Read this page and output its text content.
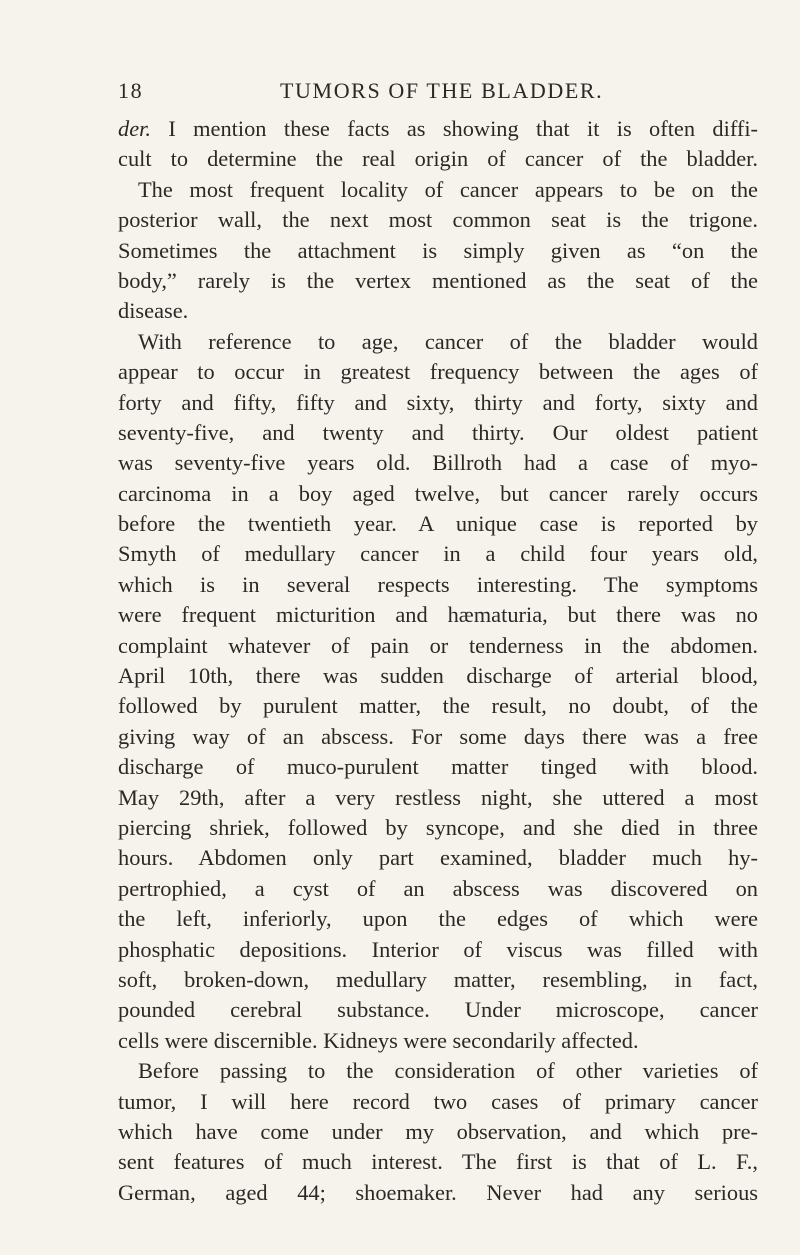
18	TUMORS OF THE BLADDER.
der. I mention these facts as showing that it is often diffi-
cult to determine the real origin of cancer of the bladder.
The most frequent locality of cancer appears to be on the
posterior wall, the next most common seat is the trigone.
Sometimes the attachment is simply given as “on the
body,” rarely is the vertex mentioned as the seat of the
disease.
With reference to age, cancer of the bladder would
appear to occur in greatest frequency between the ages of
forty and fifty, fifty and sixty, thirty and forty, sixty and
seventy-five, and twenty and thirty. Our oldest patient
was seventy-five years old. Billroth had a case of myo-
carcinoma in a boy aged twelve, but cancer rarely occurs
before the twentieth year. A unique case is reported by
Smyth of medullary cancer in a child four years old,
which is in several respects interesting. The symptoms
were frequent micturition and hæmaturia, but there was no
complaint whatever of pain or tenderness in the abdomen.
April 10th, there was sudden discharge of arterial blood,
followed by purulent matter, the result, no doubt, of the
giving way of an abscess. For some days there was a free
discharge of muco-purulent matter tinged with blood.
May 29th, after a very restless night, she uttered a most
piercing shriek, followed by syncope, and she died in three
hours. Abdomen only part examined, bladder much hy-
pertrophied, a cyst of an abscess was discovered on
the left, inferiorly, upon the edges of which were
phosphatic depositions. Interior of viscus was filled with
soft, broken-down, medullary matter, resembling, in fact,
pounded cerebral substance. Under microscope, cancer
cells were discernible. Kidneys were secondarily affected.
Before passing to the consideration of other varieties of
tumor, I will here record two cases of primary cancer
which have come under my observation, and which pre-
sent features of much interest. The first is that of L. F.,
German, aged 44; shoemaker. Never had any serious
